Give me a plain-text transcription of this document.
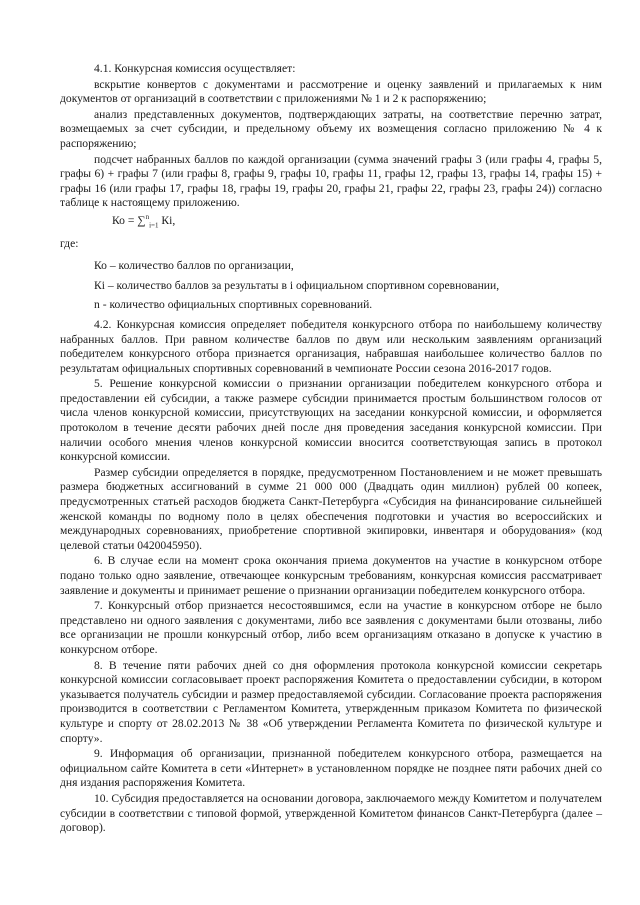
4.1. Конкурсная комиссия осуществляет:

вскрытие конвертов с документами и рассмотрение и оценку заявлений и прилагаемых к ним документов от организаций в соответствии с приложениями № 1 и 2 к распоряжению;

анализ представленных документов, подтверждающих затраты, на соответствие перечню затрат, возмещаемых за счет субсидии, и предельному объему их возмещения согласно приложению № 4 к распоряжению;

подсчет набранных баллов по каждой организации (сумма значений графы 3 (или графы 4, графы 5, графы 6) + графы 7 (или графы 8, графы 9, графы 10, графы 11, графы 12, графы 13, графы 14, графы 15) + графы 16 (или графы 17, графы 18, графы 19, графы 20, графы 21, графы 22, графы 23, графы 24)) согласно таблице к настоящему приложению.

Ко = ∑$^n_{i=1}$ Кi,

где:

Ко – количество баллов по организации,

Кi – количество баллов за результаты в i официальном спортивном соревновании,

n - количество официальных спортивных соревнований.

4.2. Конкурсная комиссия определяет победителя конкурсного отбора по наибольшему количеству набранных баллов. При равном количестве баллов по двум или нескольким заявлениям организаций победителем конкурсного отбора признается организация, набравшая наибольшее количество баллов по результатам официальных спортивных соревнований в чемпионате России сезона 2016-2017 годов.

5. Решение конкурсной комиссии о признании организации победителем конкурсного отбора и предоставлении ей субсидии, а также размере субсидии принимается простым большинством голосов от числа членов конкурсной комиссии, присутствующих на заседании конкурсной комиссии, и оформляется протоколом в течение десяти рабочих дней после дня проведения заседания конкурсной комиссии. При наличии особого мнения членов конкурсной комиссии вносится соответствующая запись в протокол конкурсной комиссии.

Размер субсидии определяется в порядке, предусмотренном Постановлением и не может превышать размера бюджетных ассигнований в сумме 21 000 000 (Двадцать один миллион) рублей 00 копеек, предусмотренных статьей расходов бюджета Санкт-Петербурга «Субсидия на финансирование сильнейшей женской команды по водному поло в целях обеспечения подготовки и участия во всероссийских и международных соревнованиях, приобретение спортивной экипировки, инвентаря и оборудования» (код целевой статьи 0420045950).

6. В случае если на момент срока окончания приема документов на участие в конкурсном отборе подано только одно заявление, отвечающее конкурсным требованиям, конкурсная комиссия рассматривает заявление и документы и принимает решение о признании организации победителем конкурсного отбора.

7. Конкурсный отбор признается несостоявшимся, если на участие в конкурсном отборе не было представлено ни одного заявления с документами, либо все заявления с документами были отозваны, либо все организации не прошли конкурсный отбор, либо всем организациям отказано в допуске к участию в конкурсном отборе.

8. В течение пяти рабочих дней со дня оформления протокола конкурсной комиссии секретарь конкурсной комиссии согласовывает проект распоряжения Комитета о предоставлении субсидии, в котором указывается получатель субсидии и размер предоставляемой субсидии. Согласование проекта распоряжения производится в соответствии с Регламентом Комитета, утвержденным приказом Комитета по физической культуре и спорту от 28.02.2013 № 38 «Об утверждении Регламента Комитета по физической культуре и спорту».

9. Информация об организации, признанной победителем конкурсного отбора, размещается на официальном сайте Комитета в сети «Интернет» в установленном порядке не позднее пяти рабочих дней со дня издания распоряжения Комитета.

10. Субсидия предоставляется на основании договора, заключаемого между Комитетом и получателем субсидии в соответствии с типовой формой, утвержденной Комитетом финансов Санкт-Петербурга (далее – договор).
